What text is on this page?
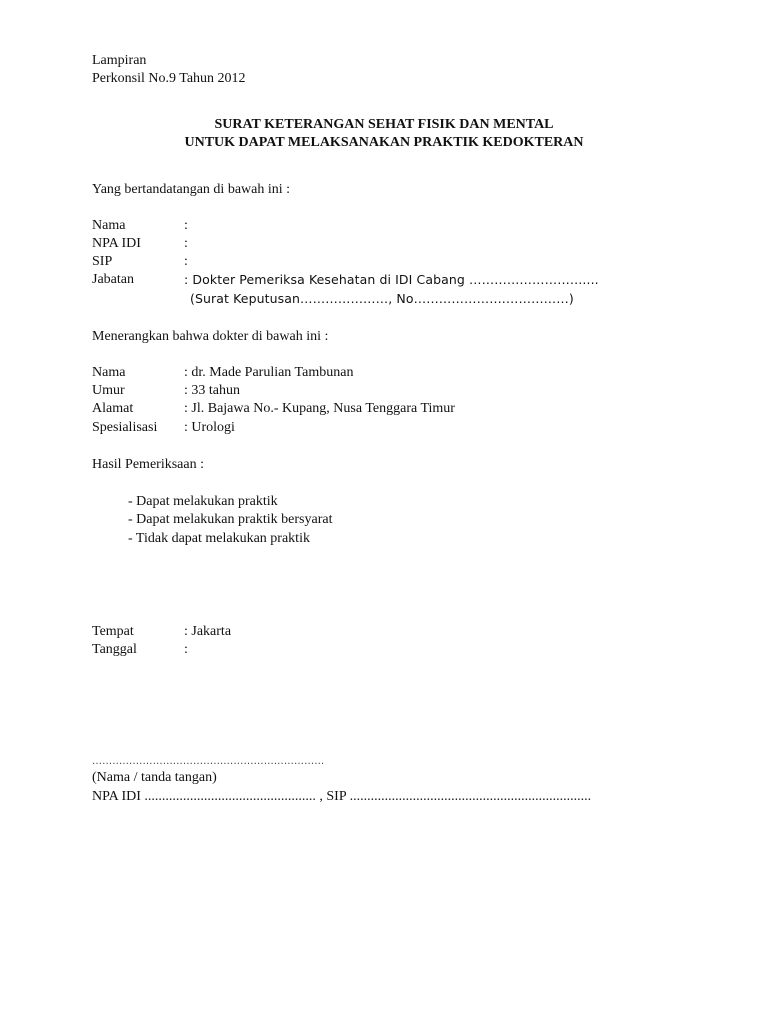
Lampiran
Perkonsil No.9 Tahun 2012
SURAT KETERANGAN SEHAT FISIK DAN MENTAL
UNTUK DAPAT MELAKSANAKAN PRAKTIK KEDOKTERAN
Yang bertandatangan di bawah ini :
Nama	:
NPA IDI	:
SIP	:
Jabatan	: Dokter Pemeriksa Kesehatan di IDI Cabang ………………………....
(Surat Keputusan…………………, No………………….……………)
Menerangkan bahwa dokter di bawah ini :
Nama	: dr. Made Parulian Tambunan
Umur	: 33 tahun
Alamat	: Jl. Bajawa No.- Kupang, Nusa Tenggara Timur
Spesialisasi : Urologi
Hasil Pemeriksaan :
- Dapat melakukan praktik
- Dapat melakukan praktik bersyarat
- Tidak dapat melakukan praktik
Tempat	: Jakarta
Tanggal	:
……………………………………………………………
(Nama / tanda tangan)
NPA IDI ................................................. , SIP .....................................................................
